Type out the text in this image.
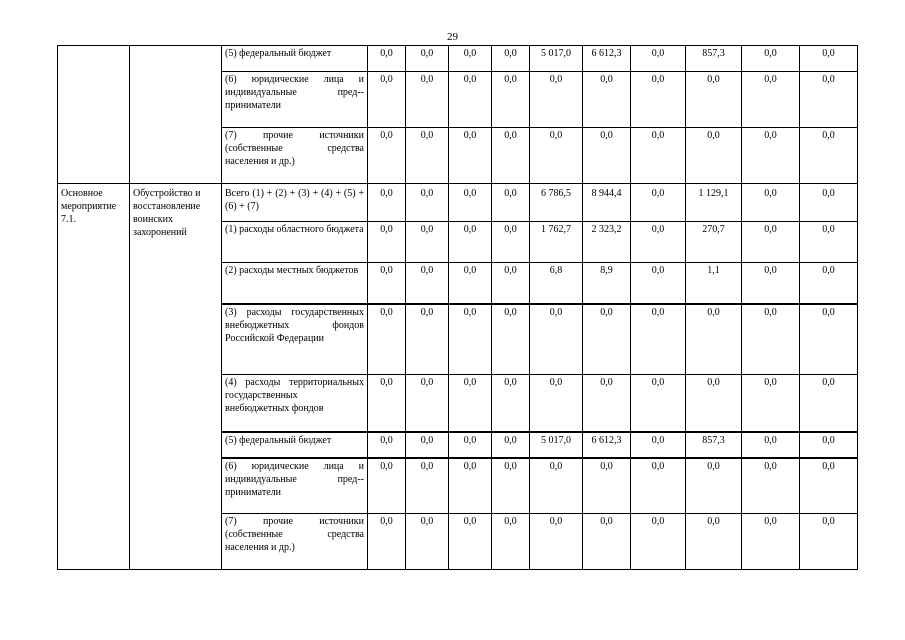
29
		(5) федеральный бюджет	0,0	0,0	0,0	0,0	5 017,0	6 612,3	0,0	857,3	0,0	0,0
		(6) юридические лица и индивидуальные пред-приниматели	0,0	0,0	0,0	0,0	0,0	0,0	0,0	0,0	0,0	0,0
		(7) прочие источники (собственные средства населения и др.)	0,0	0,0	0,0	0,0	0,0	0,0	0,0	0,0	0,0	0,0
Основное мероприятие 7.1.	Обустройство и восстановление воинских захоронений	Всего (1) + (2) + (3) + (4) + (5) + (6) + (7)	0,0	0,0	0,0	0,0	6 786,5	8 944,4	0,0	1 129,1	0,0	0,0
		(1) расходы областного бюджета	0,0	0,0	0,0	0,0	1 762,7	2 323,2	0,0	270,7	0,0	0,0
		(2) расходы местных бюджетов	0,0	0,0	0,0	0,0	6,8	8,9	0,0	1,1	0,0	0,0
		(3) расходы государственных внебюджетных фондов Российской Федерации	0,0	0,0	0,0	0,0	0,0	0,0	0,0	0,0	0,0	0,0
		(4) расходы территориальных государственных внебюджетных фондов	0,0	0,0	0,0	0,0	0,0	0,0	0,0	0,0	0,0	0,0
		(5) федеральный бюджет	0,0	0,0	0,0	0,0	5 017,0	6 612,3	0,0	857,3	0,0	0,0
		(6) юридические лица и индивидуальные пред-приниматели	0,0	0,0	0,0	0,0	0,0	0,0	0,0	0,0	0,0	0,0
		(7) прочие источники (собственные средства населения и др.)	0,0	0,0	0,0	0,0	0,0	0,0	0,0	0,0	0,0	0,0
